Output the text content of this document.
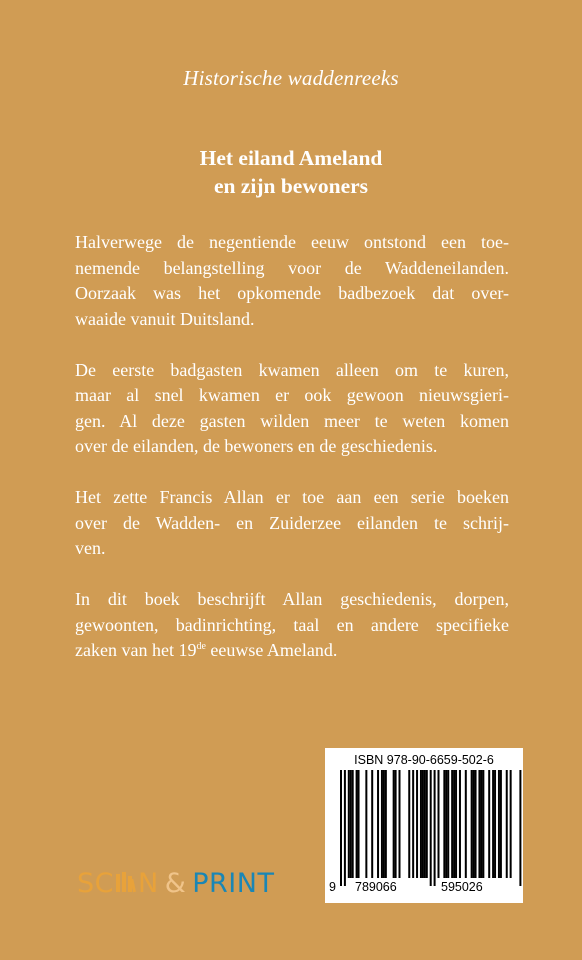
Historische waddenreeks
Het eiland Ameland
en zijn bewoners

Halverwege de negentiende eeuw ontstond een toe-
nemende belangstelling voor de Waddeneilanden.
Oorzaak was het opkomende badbezoek dat over-
waaide vanuit Duitsland.

De eerste badgasten kwamen alleen om te kuren,
maar al snel kwamen er ook gewoon nieuwsgieri-
gen. Al deze gasten wilden meer te weten komen
over de eilanden, de bewoners en de geschiedenis.

Het zette Francis Allan er toe aan een serie boeken
over de Wadden- en Zuiderzee eilanden te schrij-
ven.

In dit boek beschrijft Allan geschiedenis, dorpen,
gewoonten, badinrichting, taal en andere specifieke
zaken van het 19de eeuwse Ameland.

SC N & PRINT
ISBN 978-90-6659-502-6
9 789066	595026
